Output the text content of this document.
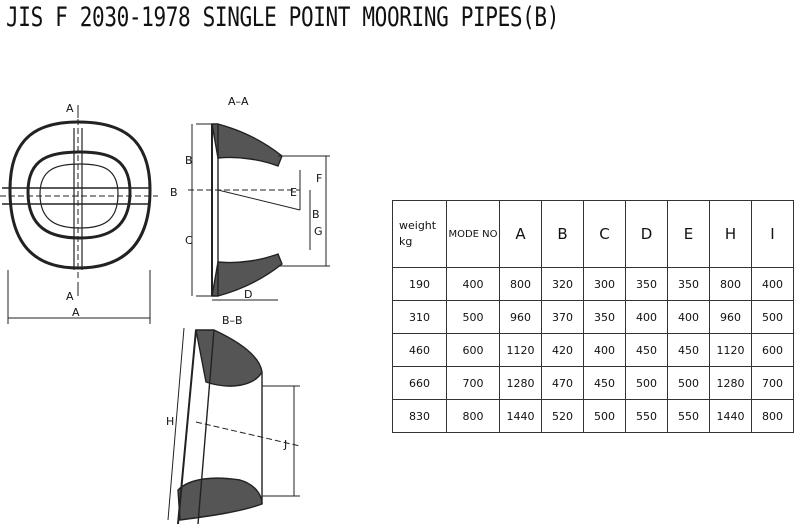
JIS F 2030-1978 SINGLE POINT MOORING PIPES(B)
A
A
A
A–A
B
B
C
D
E
F
G
B
B–B
H
J
weight
kg	MODE NO	A	B	C	D	E	H	I
190	400	800	320	300	350	350	800	400
310	500	960	370	350	400	400	960	500
460	600	1120	420	400	450	450	1120	600
660	700	1280	470	450	500	500	1280	700
830	800	1440	520	500	550	550	1440	800
